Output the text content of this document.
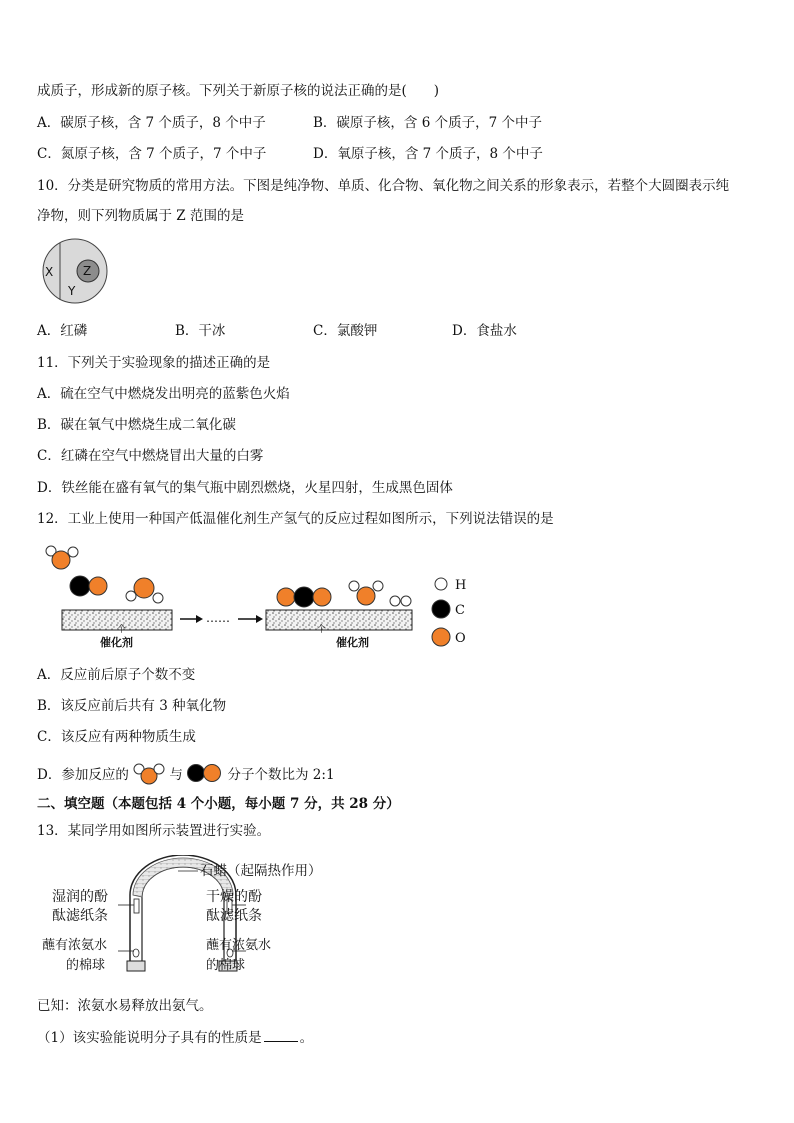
成质子，形成新的原子核。下列关于新原子核的说法正确的是(　　)
A．碳原子核，含 7 个质子，8 个中子	B．碳原子核，含 6 个质子，7 个中子
C．氮原子核，含 7 个质子，7 个中子	D．氧原子核，含 7 个质子，8 个中子
10．分类是研究物质的常用方法。下图是纯净物、单质、化合物、氧化物之间关系的形象表示，若整个大圆圈表示纯
净物，则下列物质属于 Z 范围的是
X
Y
Z
A．红磷	B．干冰	C．氯酸钾	D．食盐水
11．下列关于实验现象的描述正确的是
A．硫在空气中燃烧发出明亮的蓝紫色火焰
B．碳在氧气中燃烧生成二氧化碳
C．红磷在空气中燃烧冒出大量的白雾
D．铁丝能在盛有氧气的集气瓶中剧烈燃烧，火星四射，生成黑色固体
12．工业上使用一种国产低温催化剂生产氢气的反应过程如图所示，下列说法错误的是
个
催化剂
……
个
催化剂
H
C
O
A．反应前后原子个数不变
B．该反应前后共有 3 种氧化物
C．该反应有两种物质生成
D．参加反应的	与	分子个数比为 2:1
二、填空题（本题包括 4 个小题，每小题 7 分，共 28 分）
13．某同学用如图所示装置进行实验。
石蜡（起隔热作用）
湿润的酚
酞滤纸条
干燥的酚
酞滤纸条
蘸有浓氨水
的棉球
蘸有浓氨水
的棉球
已知：浓氨水易释放出氨气。
（1）该实验能说明分子具有的性质是	。
